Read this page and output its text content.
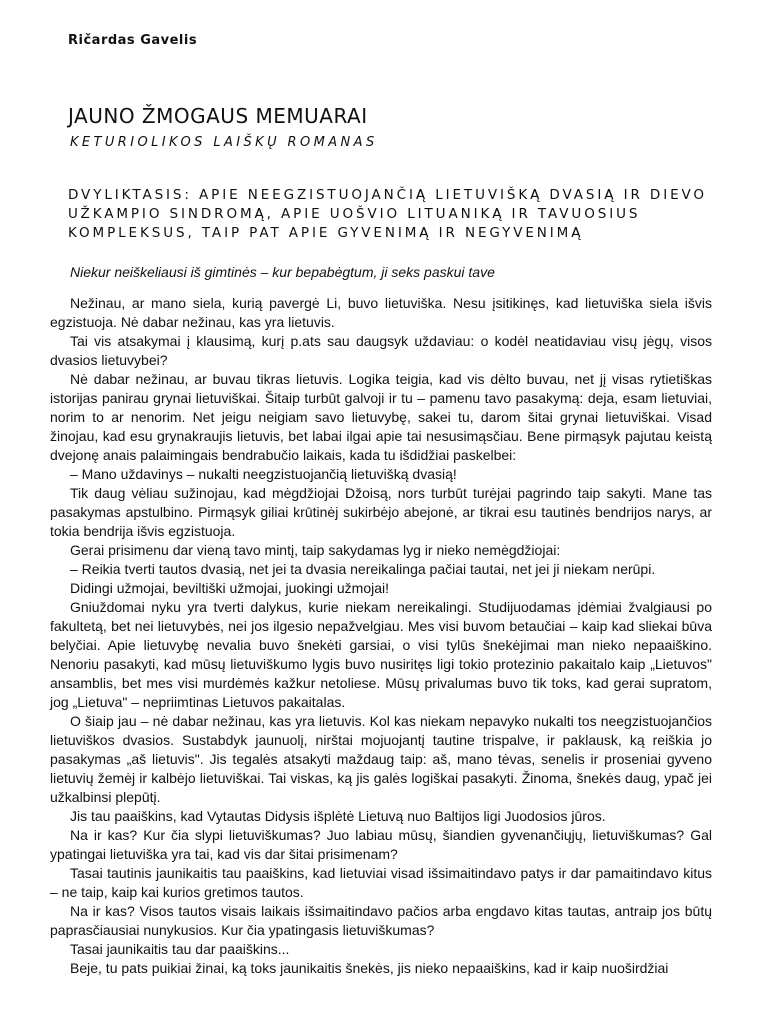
Ričardas Gavelis
JAUNO ŽMOGAUS MEMUARAI
KETURIOLIKOS LAIŠKŲ ROMANAS
DVYLIKTASIS: APIE NEEGZISTUOJANČIĄ LIETUVIŠKĄ DVASIĄ IR DIEVO UŽKAMPIO SINDROMĄ, APIE UOŠVIO LITUANIKĄ IR TAVUOSIUS KOMPLEKSUS, TAIP PAT APIE GYVENIMĄ IR NEGYVENIMĄ
Niekur neiškeliausi iš gimtinės – kur bepabėgtum, ji seks paskui tave

Nežinau, ar mano siela, kurią pavergė Li, buvo lietuviška. Nesu įsitikinęs, kad lietuviška siela išvis egzistuoja. Nė dabar nežinau, kas yra lietuvis.

Tai vis atsakymai į klausimą, kurį p.ats sau daugsyk uždaviau: o kodėl neatidaviau visų jėgų, visos dvasios lietuvybei?

Nė dabar nežinau, ar buvau tikras lietuvis. Logika teigia, kad vis dėlto buvau, net jį visas rytietiškas istorijas panirau grynai lietuviškai. Šitaip turbūt galvoji ir tu – pamenu tavo pasakymą: deja, esam lietuviai, norim to ar nenorim. Net jeigu neigiam savo lietuvybę, sakei tu, darom šitai grynai lietuviškai. Visad žinojau, kad esu grynakraujis lietuvis, bet labai ilgai apie tai nesusimąsčiau. Bene pirmąsyk pajutau keistą dvejonę anais palaimingais bendrabučio laikais, kada tu išdidžiai paskelbei:

– Mano uždavinys – nukalti neegzistuojančią lietuvišką dvasią!

Tik daug vėliau sužinojau, kad mėgdžiojai Džoisą, nors turbūt turėjai pagrindo taip sakyti. Mane tas pasakymas apstulbino. Pirmąsyk giliai krūtinėj sukirbėjo abejonė, ar tikrai esu tautinės bendrijos narys, ar tokia bendrija išvis egzistuoja.

Gerai prisimenu dar vieną tavo mintį, taip sakydamas lyg ir nieko nemėgdžiojai:

– Reikia tverti tautos dvasią, net jei ta dvasia nereikalinga pačiai tautai, net jei ji niekam nerūpi.

Didingi užmojai, beviltiški užmojai, juokingi užmojai!

Gniuždomai nyku yra tverti dalykus, kurie niekam nereikalingi. Studijuodamas įdėmiai žvalgiausi po fakultetą, bet nei lietuvybės, nei jos ilgesio nepažvelgiau. Mes visi buvom betaučiai – kaip kad sliekai būva belyčiai. Apie lietuvybę nevalia buvo šnekėti garsiai, o visi tylūs šnekėjimai man nieko nepaaiškino. Nenoriu pasakyti, kad mūsų lietuviškumo lygis buvo nusiritęs ligi tokio protezinio pakaitalo kaip „Lietuvos" ansamblis, bet mes visi murdėmės kažkur netoliese. Mūsų privalumas buvo tik toks, kad gerai supratom, jog „Lietuva" – nepriimtinas Lietuvos pakaitalas.

O šiaip jau – nė dabar nežinau, kas yra lietuvis. Kol kas niekam nepavyko nukalti tos neegzistuojančios lietuviškos dvasios. Sustabdyk jaunuolį, nirštai mojuojantį tautine trispalve, ir paklausk, ką reiškia jo pasakymas „aš lietuvis". Jis tegalės atsakyti maždaug taip: aš, mano tėvas, senelis ir proseniai gyveno lietuvių žemėj ir kalbėjo lietuviškai. Tai viskas, ką jis galės logiškai pasakyti. Žinoma, šnekės daug, ypač jei užkalbinsi plepūtį.

Jis tau paaiškins, kad Vytautas Didysis išplėtė Lietuvą nuo Baltijos ligi Juodosios jūros.

Na ir kas? Kur čia slypi lietuviškumas? Juo labiau mūsų, šiandien gyvenančiųjų, lietuviškumas? Gal ypatingai lietuviška yra tai, kad vis dar šitai prisimenam?

Tasai tautinis jaunikaitis tau paaiškins, kad lietuviai visad išsimaitindavo patys ir dar pamaitindavo kitus – ne taip, kaip kai kurios gretimos tautos.

Na ir kas? Visos tautos visais laikais išsimaitindavo pačios arba engdavo kitas tautas, antraip jos būtų paprasčiausiai nunykusios. Kur čia ypatingasis lietuviškumas?

Tasai jaunikaitis tau dar paaiškins...

Beje, tu pats puikiai žinai, ką toks jaunikaitis šnekės, jis nieko nepaaiškins, kad ir kaip nuoširdžiai
